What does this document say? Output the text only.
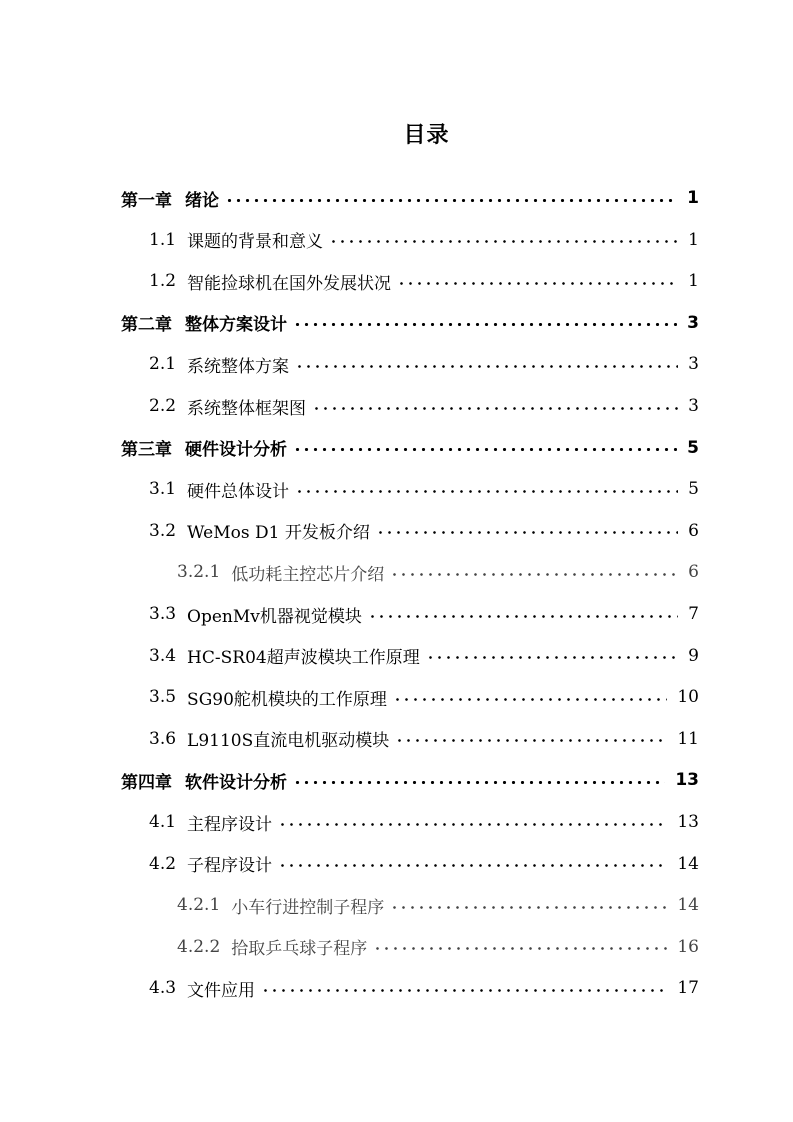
目录
第一章 绪论	1
1.1 课题的背景和意义	1
1.2 智能捡球机在国外发展状况	1
第二章 整体方案设计	3
2.1 系统整体方案	3
2.2 系统整体框架图	3
第三章 硬件设计分析	5
3.1 硬件总体设计	5
3.2 WeMos D1 开发板介绍	6
3.2.1 低功耗主控芯片介绍	6
3.3 OpenMv机器视觉模块	7
3.4 HC-SR04超声波模块工作原理	9
3.5 SG90舵机模块的工作原理	10
3.6 L9110S直流电机驱动模块	11
第四章 软件设计分析	13
4.1 主程序设计	13
4.2 子程序设计	14
4.2.1 小车行进控制子程序	14
4.2.2 拾取乒乓球子程序	16
4.3 文件应用	17
